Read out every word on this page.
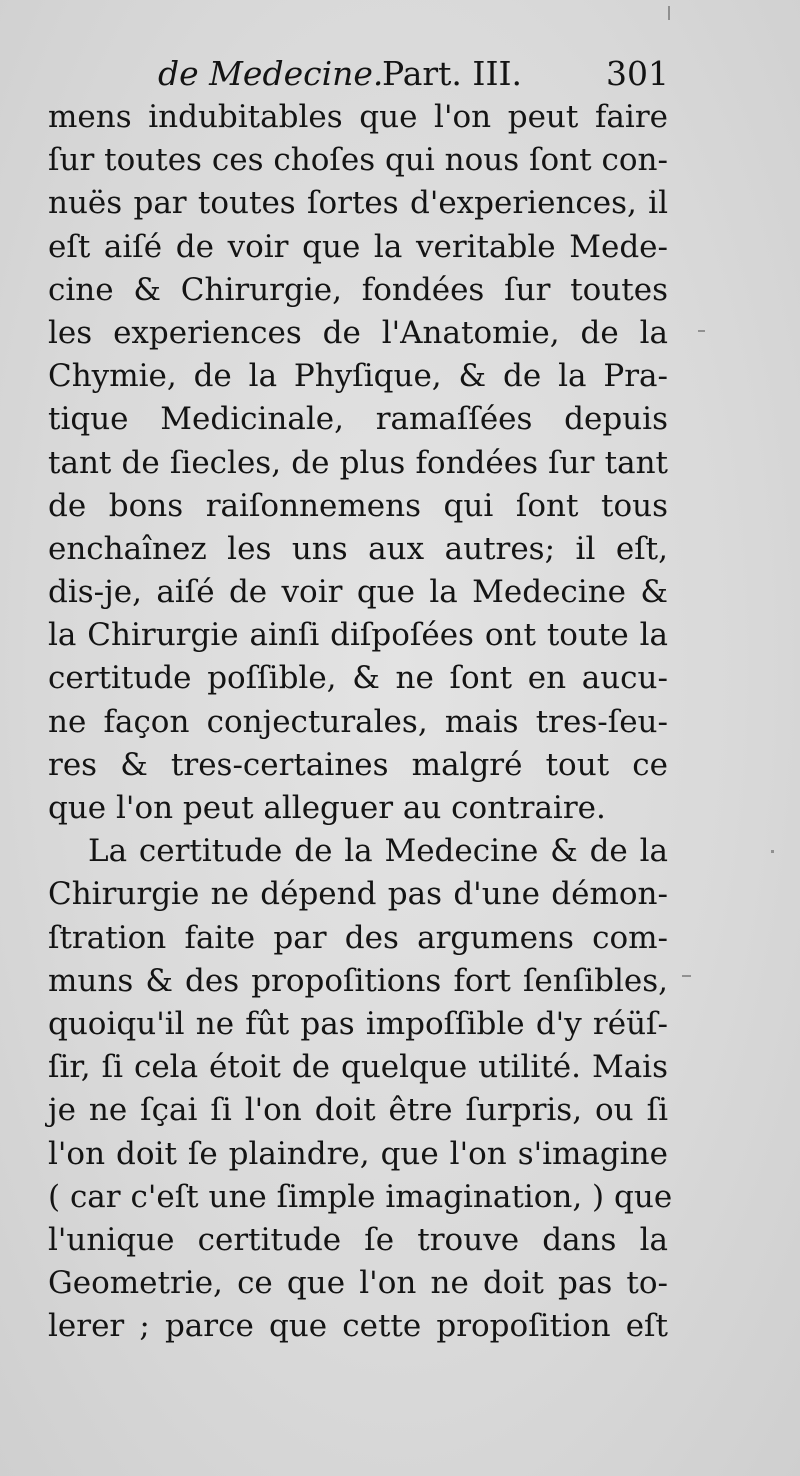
de Medecine.
Part. III.	301
mens indubitables que l'on peut faire
ſur toutes ces choſes qui nous ſont con-
nuës par toutes ſortes d'experiences, il
eſt aiſé de voir que la veritable Mede-
cine & Chirurgie, fondées ſur toutes
les experiences de l'Anatomie, de la
Chymie, de la Phyſique, & de la Pra-
tique Medicinale, ramaſſées depuis
tant de ſiecles, de plus fondées ſur tant
de bons raiſonnemens qui ſont tous
enchaînez les uns aux autres; il eſt,
dis-je, aiſé de voir que la Medecine &
la Chirurgie ainſi diſpoſées ont toute la
certitude poſſible, & ne ſont en aucu-
ne façon conjecturales, mais tres-ſeu-
res & tres-certaines malgré tout ce
que l'on peut alleguer au contraire.
La certitude de la Medecine & de la
Chirurgie ne dépend pas d'une démon-
ſtration faite par des argumens com-
muns & des propoſitions fort ſenſibles,
quoiqu'il ne fût pas impoſſible d'y réüſ-
ſir, ſi cela étoit de quelque utilité. Mais
je ne ſçai ſi l'on doit être ſurpris, ou ſi
l'on doit ſe plaindre, que l'on s'imagine
( car c'eſt une ſimple imagination, ) que
l'unique certitude ſe trouve dans la
Geometrie, ce que l'on ne doit pas to-
lerer ; parce que cette propoſition eſt
